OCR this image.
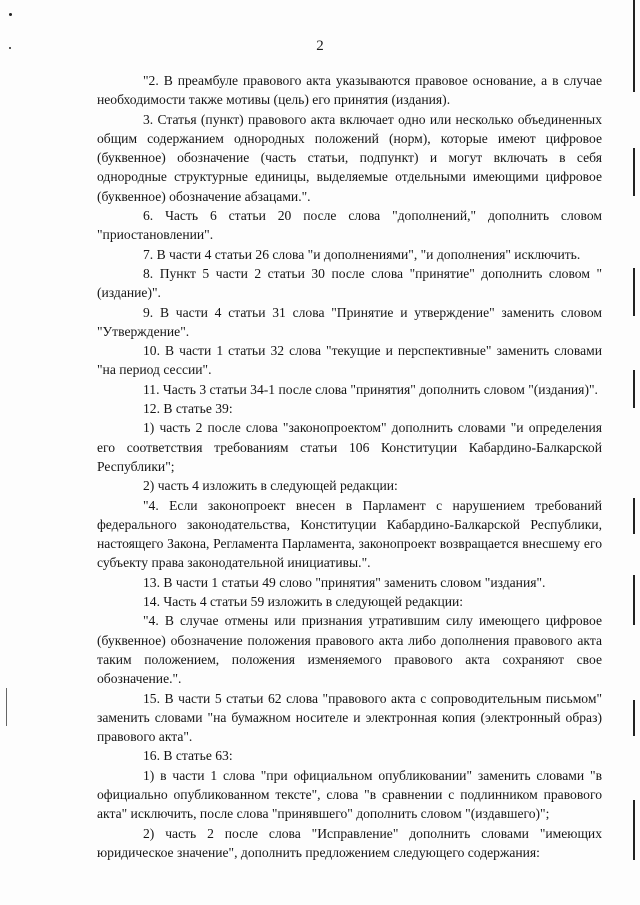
2

"2. В преамбуле правового акта указываются правовое основание, а в случае необходимости также мотивы (цель) его принятия (издания).

3. Статья (пункт) правового акта включает одно или несколько объединенных общим содержанием однородных положений (норм), которые имеют цифровое (буквенное) обозначение (часть статьи, подпункт) и могут включать в себя однородные структурные единицы, выделяемые отдельными имеющими цифровое (буквенное) обозначение абзацами.".

6. Часть 6 статьи 20 после слова "дополнений," дополнить словом "приостановлении".

7. В части 4 статьи 26 слова "и дополнениями", "и дополнения" исключить.

8. Пункт 5 части 2 статьи 30 после слова "принятие" дополнить словом "(издание)".

9. В части 4 статьи 31 слова "Принятие и утверждение" заменить словом "Утверждение".

10. В части 1 статьи 32 слова "текущие и перспективные" заменить словами "на период сессии".

11. Часть 3 статьи 34-1 после слова "принятия" дополнить словом "(издания)".

12. В статье 39:

1) часть 2 после слова "законопроектом" дополнить словами "и определения его соответствия требованиям статьи 106 Конституции Кабардино-Балкарской Республики";

2) часть 4 изложить в следующей редакции:

"4. Если законопроект внесен в Парламент с нарушением требований федерального законодательства, Конституции Кабардино-Балкарской Республики, настоящего Закона, Регламента Парламента, законопроект возвращается внесшему его субъекту права законодательной инициативы.".

13. В части 1 статьи 49 слово "принятия" заменить словом "издания".

14. Часть 4 статьи 59 изложить в следующей редакции:

"4. В случае отмены или признания утратившим силу имеющего цифровое (буквенное) обозначение положения правового акта либо дополнения правового акта таким положением, положения изменяемого правового акта сохраняют свое обозначение.".

15. В части 5 статьи 62 слова "правового акта с сопроводительным письмом" заменить словами "на бумажном носителе и электронная копия (электронный образ) правового акта".

16. В статье 63:

1) в части 1 слова "при официальном опубликовании" заменить словами "в официально опубликованном тексте", слова "в сравнении с подлинником правового акта" исключить, после слова "принявшего" дополнить словом "(издавшего)";

2) часть 2 после слова "Исправление" дополнить словами "имеющих юридическое значение", дополнить предложением следующего содержания:
